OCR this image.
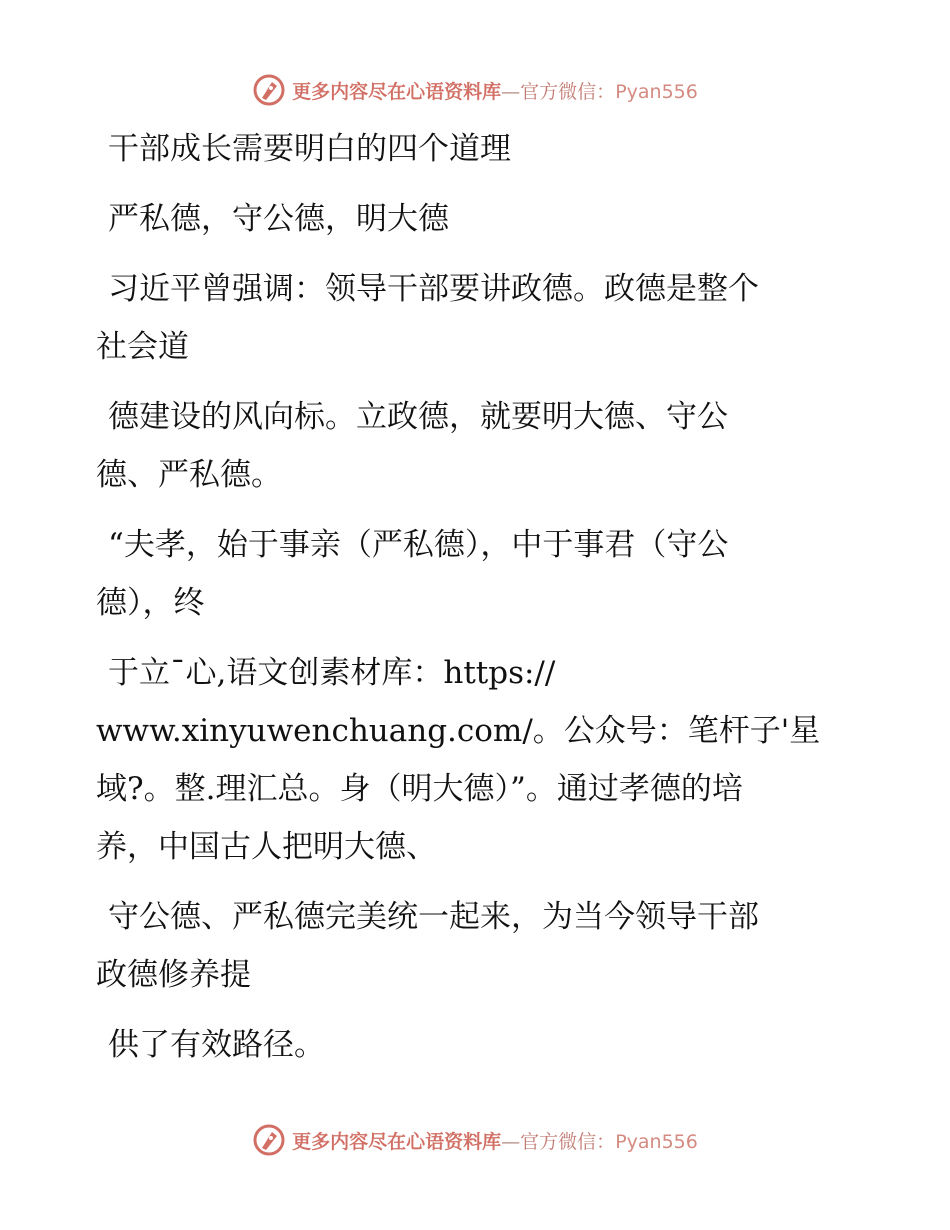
更多内容尽在心语资料库—官方微信：Pyan556

干部成长需要明白的四个道理

严私德，守公德，明大德

习近平曾强调：领导干部要讲政德。政德是整个
社会道

德建设的风向标。立政德，就要明大德、守公
德、严私德。

“夫孝，始于事亲（严私德），中于事君（守公
德），终

于立¯心,语文创素材库：https://
www.xinyuwenchuang.com/。公众号：笔杆子'星
域?。整.理汇总。身（明大德）”。通过孝德的培
养，中国古人把明大德、

守公德、严私德完美统一起来，为当今领导干部
政德修养提

供了有效路径。

更多内容尽在心语资料库—官方微信：Pyan556
